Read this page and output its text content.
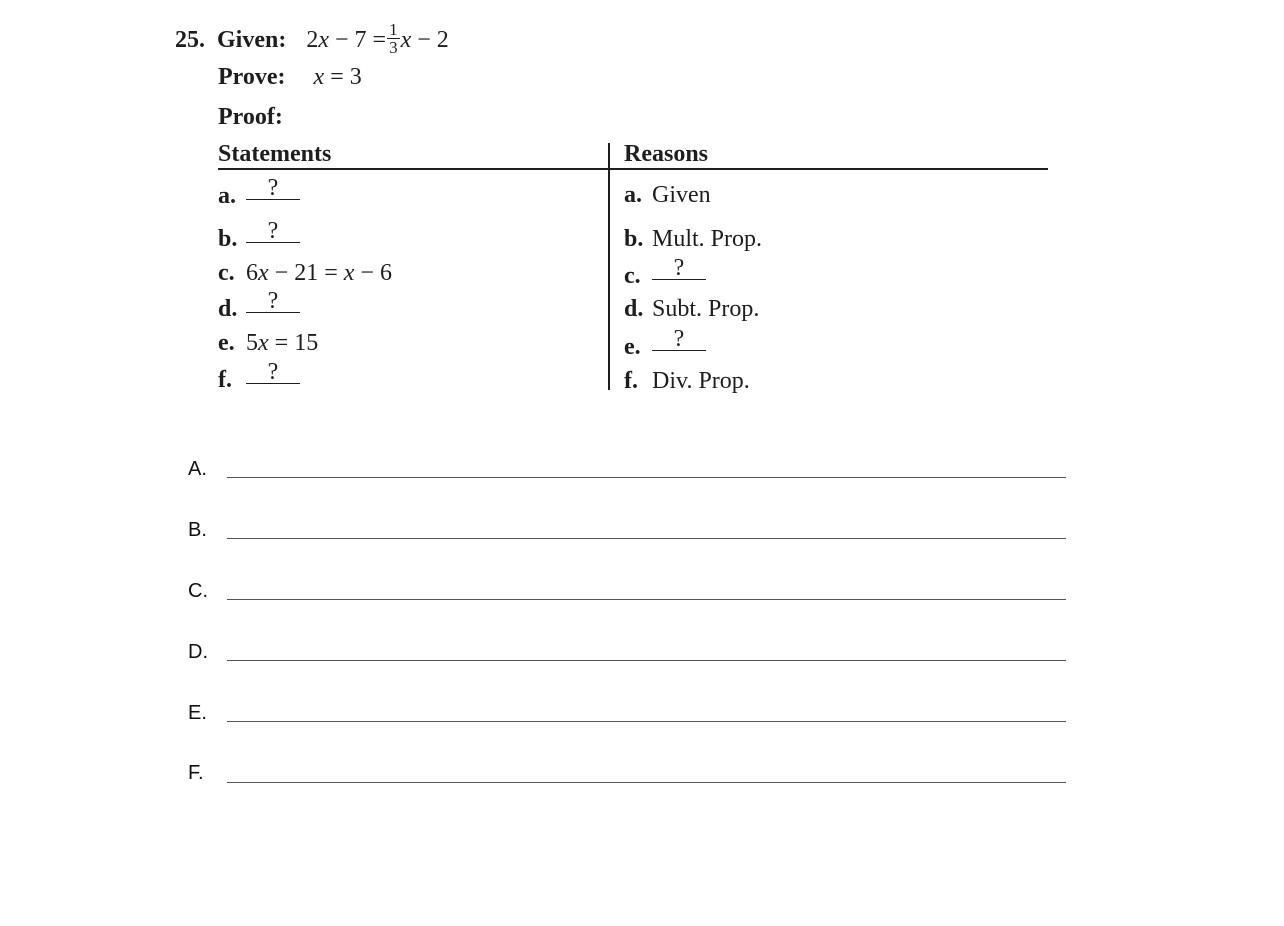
25. Given: $2x - 7 = \frac{1}{3}$ x − 2
Prove: x = 3
Proof:
Statements	Reasons
a. ?
b. ?
c. 6x − 21 = x − 6
d. ?
e. 5x = 15
f. ?
a. Given
b. Mult. Prop.
c. ?
d. Subt. Prop.
e. ?
f. Div. Prop.
A.
B.
C.
D.
E.
F.
